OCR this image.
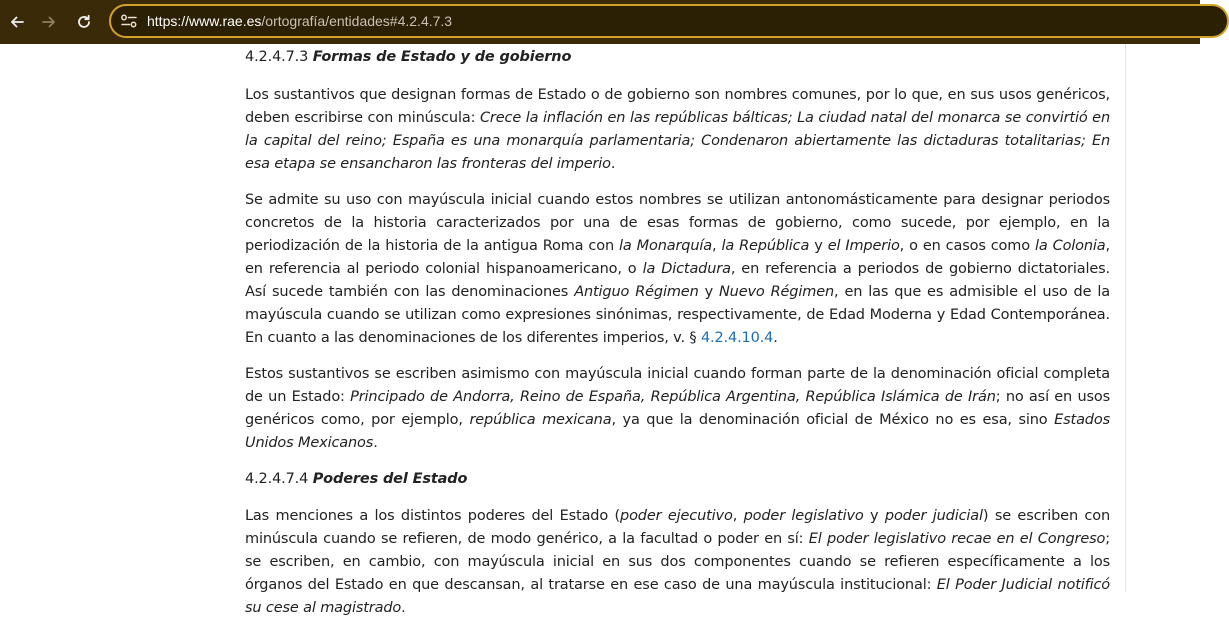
https://www.rae.es/ortografía/entidades#4.2.4.7.3
4.2.4.7.3 Formas de Estado y de gobierno

Los sustantivos que designan formas de Estado o de gobierno son nombres comunes, por lo que, en sus usos genéricos, deben escribirse con minúscula: Crece la inflación en las repúblicas bálticas; La ciudad natal del monarca se convirtió en la capital del reino; España es una monarquía parlamentaria; Condenaron abiertamente las dictaduras totalitarias; En esa etapa se ensancharon las fronteras del imperio.

Se admite su uso con mayúscula inicial cuando estos nombres se utilizan antonomásticamente para designar periodos concretos de la historia caracterizados por una de esas formas de gobierno, como sucede, por ejemplo, en la periodización de la historia de la antigua Roma con la Monarquía, la República y el Imperio, o en casos como la Colonia, en referencia al periodo colonial hispanoamericano, o la Dictadura, en referencia a periodos de gobierno dictatoriales. Así sucede también con las denominaciones Antiguo Régimen y Nuevo Régimen, en las que es admisible el uso de la mayúscula cuando se utilizan como expresiones sinónimas, respectivamente, de Edad Moderna y Edad Contemporánea. En cuanto a las denominaciones de los diferentes imperios, v. § 4.2.4.10.4.

Estos sustantivos se escriben asimismo con mayúscula inicial cuando forman parte de la denominación oficial completa de un Estado: Principado de Andorra, Reino de España, República Argentina, República Islámica de Irán; no así en usos genéricos como, por ejemplo, república mexicana, ya que la denominación oficial de México no es esa, sino Estados Unidos Mexicanos.

4.2.4.7.4 Poderes del Estado

Las menciones a los distintos poderes del Estado (poder ejecutivo, poder legislativo y poder judicial) se escriben con minúscula cuando se refieren, de modo genérico, a la facultad o poder en sí: El poder legislativo recae en el Congreso; se escriben, en cambio, con mayúscula inicial en sus dos componentes cuando se refieren específicamente a los órganos del Estado en que descansan, al tratarse en ese caso de una mayúscula institucional: El Poder Judicial notificó su cese al magistrado.
